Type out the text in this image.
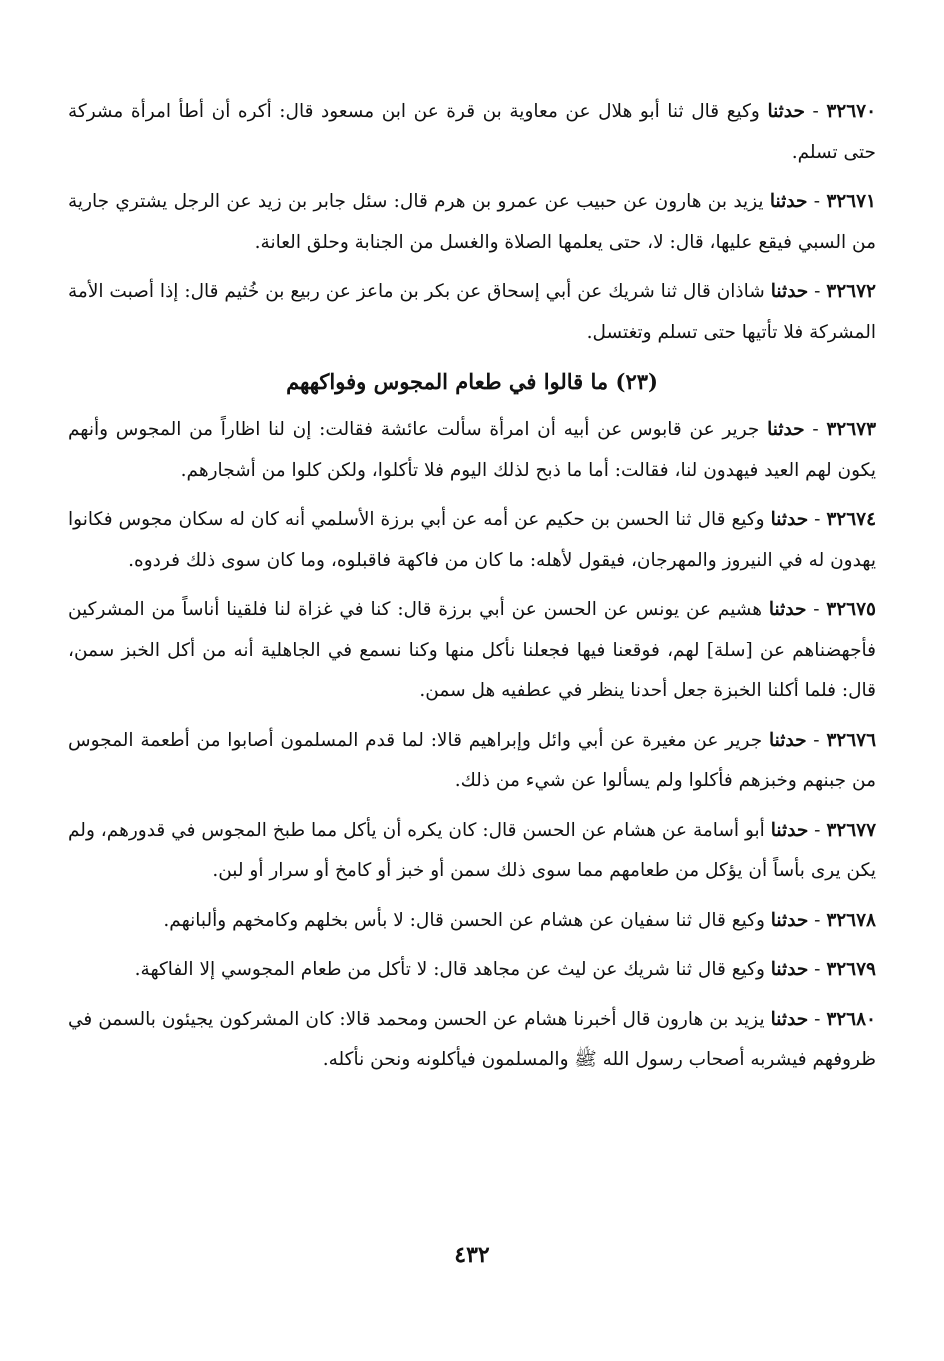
٣٢٦٧٠ - حدثنا وكيع قال ثنا أبو هلال عن معاوية بن قرة عن ابن مسعود قال: أكره أن أطأ امرأة مشركة حتى تسلم.

٣٢٦٧١ - حدثنا يزيد بن هارون عن حبيب عن عمرو بن هرم قال: سئل جابر بن زيد عن الرجل يشتري جارية من السبي فيقع عليها، قال: لا، حتى يعلمها الصلاة والغسل من الجنابة وحلق العانة.

٣٢٦٧٢ - حدثنا شاذان قال ثنا شريك عن أبي إسحاق عن بكر بن ماعز عن ربيع بن خُثيم قال: إذا أصبت الأمة المشركة فلا تأتيها حتى تسلم وتغتسل.

(٢٣) ما قالوا في طعام المجوس وفواكههم

٣٢٦٧٣ - حدثنا جرير عن قابوس عن أبيه أن امرأة سألت عائشة فقالت: إن لنا اظاراً من المجوس وأنهم يكون لهم العيد فيهدون لنا، فقالت: أما ما ذبح لذلك اليوم فلا تأكلوا، ولكن كلوا من أشجارهم.

٣٢٦٧٤ - حدثنا وكيع قال ثنا الحسن بن حكيم عن أمه عن أبي برزة الأسلمي أنه كان له سكان مجوس فكانوا يهدون له في النيروز والمهرجان، فيقول لأهله: ما كان من فاكهة فاقبلوه، وما كان سوى ذلك فردوه.

٣٢٦٧٥ - حدثنا هشيم عن يونس عن الحسن عن أبي برزة قال: كنا في غزاة لنا فلقينا أناساً من المشركين فأجهضناهم عن [سلة] لهم، فوقعنا فيها فجعلنا نأكل منها وكنا نسمع في الجاهلية أنه من أكل الخبز سمن، قال: فلما أكلنا الخبزة جعل أحدنا ينظر في عطفيه هل سمن.

٣٢٦٧٦ - حدثنا جرير عن مغيرة عن أبي وائل وإبراهيم قالا: لما قدم المسلمون أصابوا من أطعمة المجوس من جبنهم وخبزهم فأكلوا ولم يسألوا عن شيء من ذلك.

٣٢٦٧٧ - حدثنا أبو أسامة عن هشام عن الحسن قال: كان يكره أن يأكل مما طبخ المجوس في قدورهم، ولم يكن يرى بأساً أن يؤكل من طعامهم مما سوى ذلك سمن أو خبز أو كامخ أو سرار أو لبن.

٣٢٦٧٨ - حدثنا وكيع قال ثنا سفيان عن هشام عن الحسن قال: لا بأس بخلهم وكامخهم وألبانهم.

٣٢٦٧٩ - حدثنا وكيع قال ثنا شريك عن ليث عن مجاهد قال: لا تأكل من طعام المجوسي إلا الفاكهة.

٣٢٦٨٠ - حدثنا يزيد بن هارون قال أخبرنا هشام عن الحسن ومحمد قالا: كان المشركون يجيئون بالسمن في ظروفهم فيشربه أصحاب رسول الله ﷺ والمسلمون فيأكلونه ونحن نأكله.

٤٣٢
